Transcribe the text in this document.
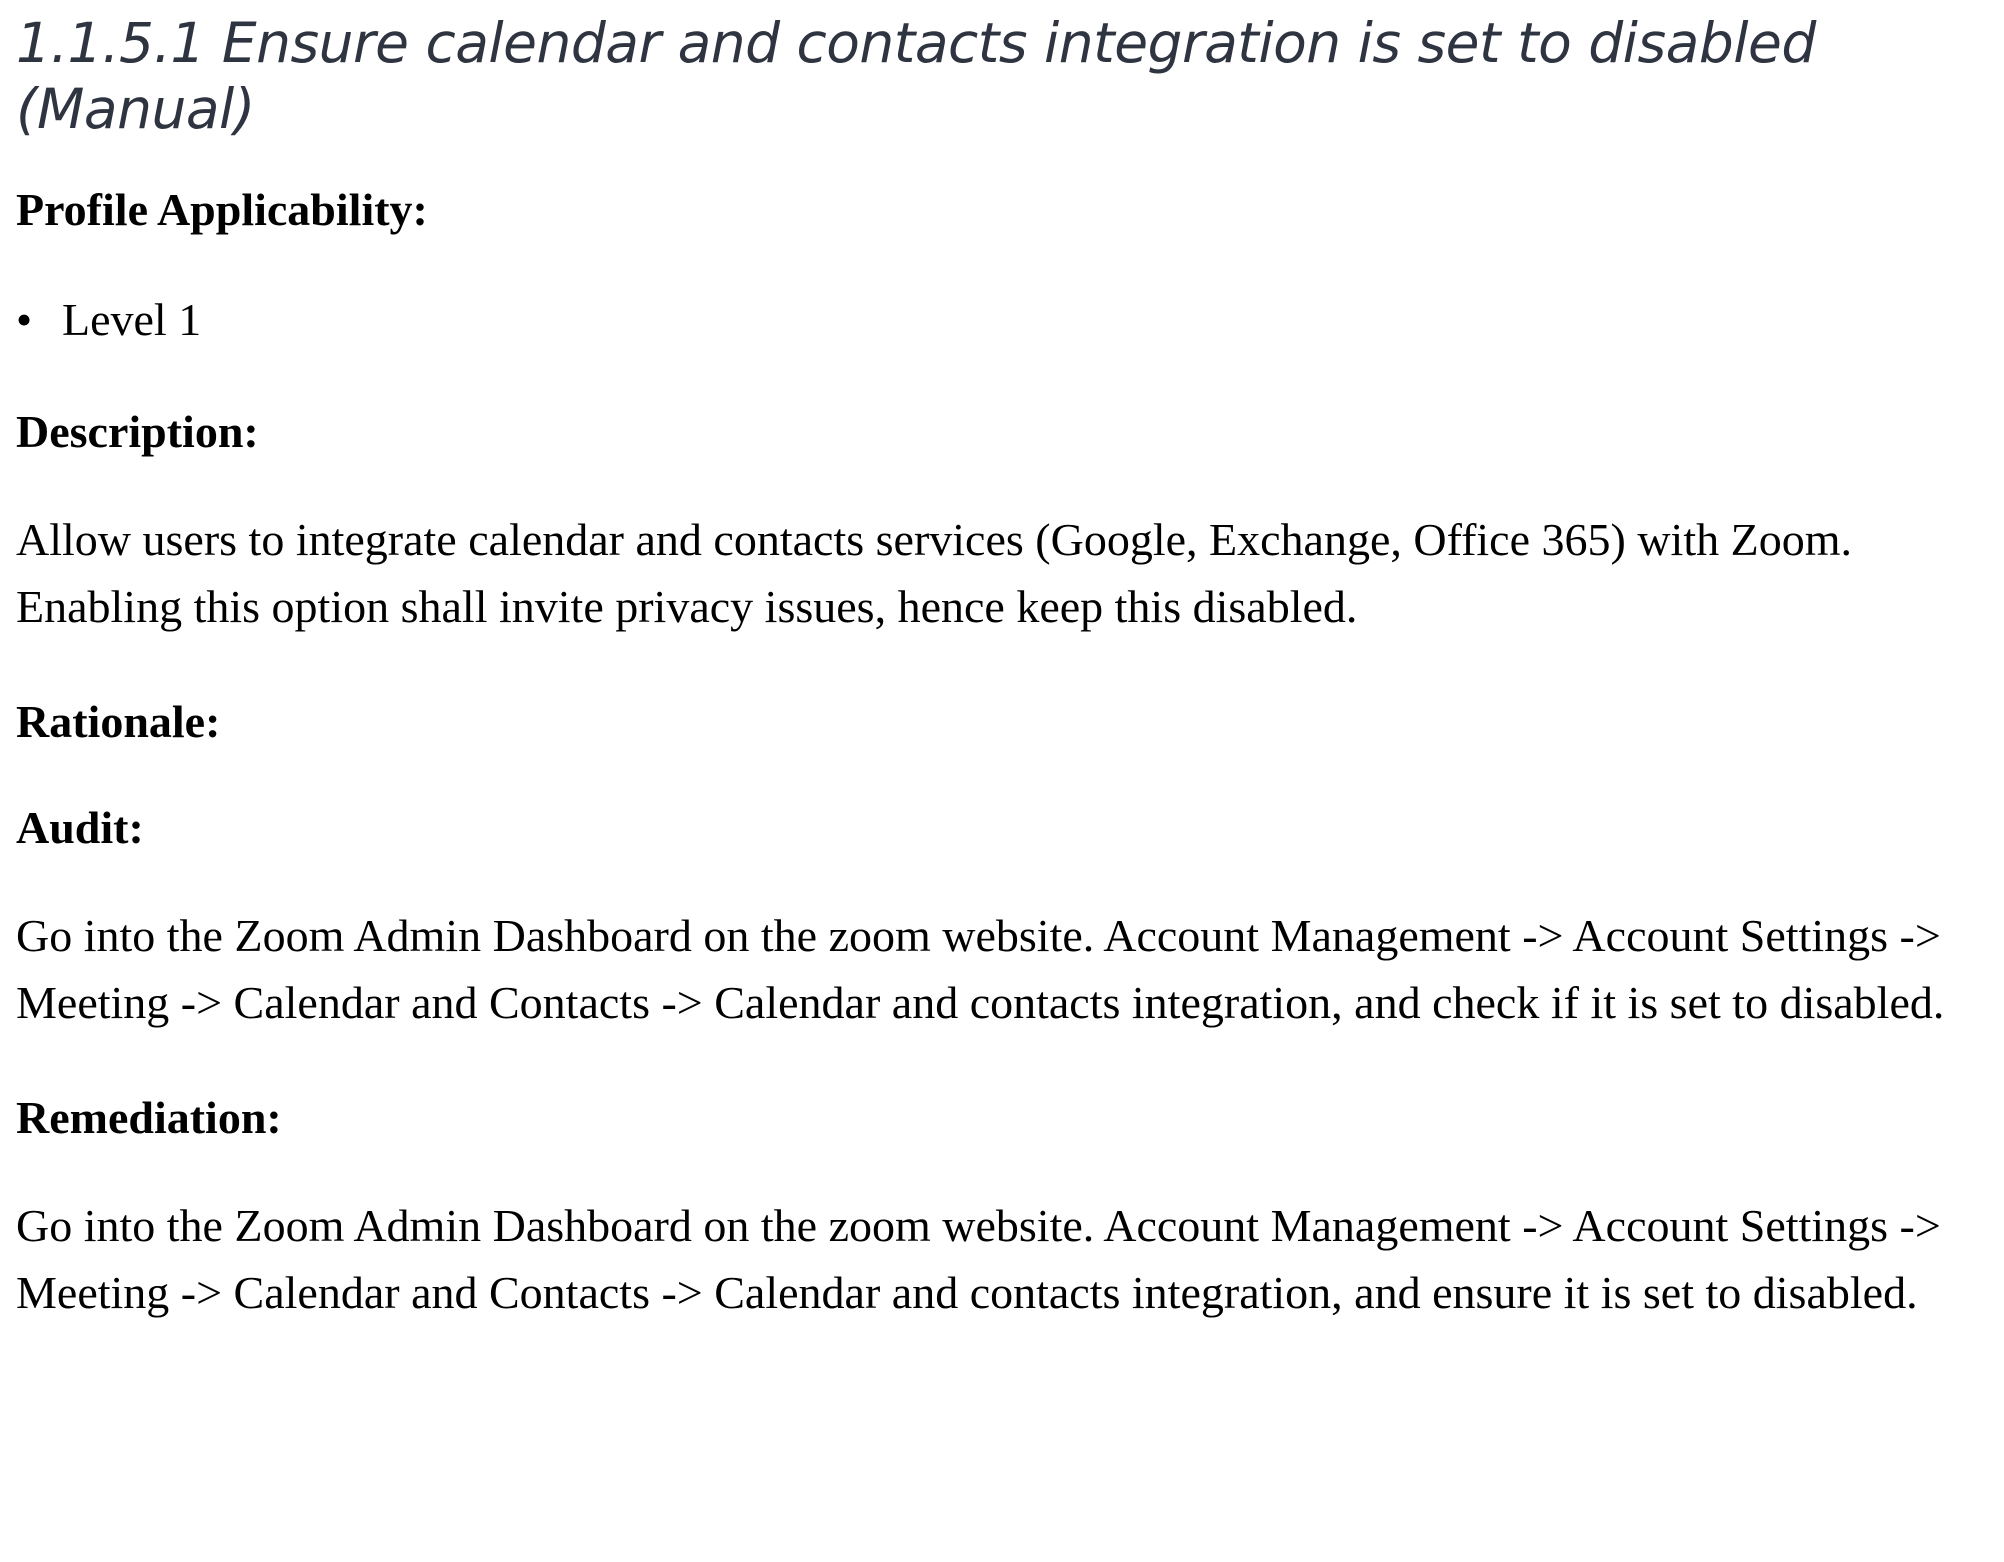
1.1.5.1 Ensure calendar and contacts integration is set to disabled (Manual)
Profile Applicability:
• Level 1
Description:

Allow users to integrate calendar and contacts services (Google, Exchange, Office 365) with Zoom. Enabling this option shall invite privacy issues, hence keep this disabled.

Rationale:
Audit:

Go into the Zoom Admin Dashboard on the zoom website. Account Management -> Account Settings -> Meeting -> Calendar and Contacts -> Calendar and contacts integration, and check if it is set to disabled.

Remediation:

Go into the Zoom Admin Dashboard on the zoom website. Account Management -> Account Settings -> Meeting -> Calendar and Contacts -> Calendar and contacts integration, and ensure it is set to disabled.
